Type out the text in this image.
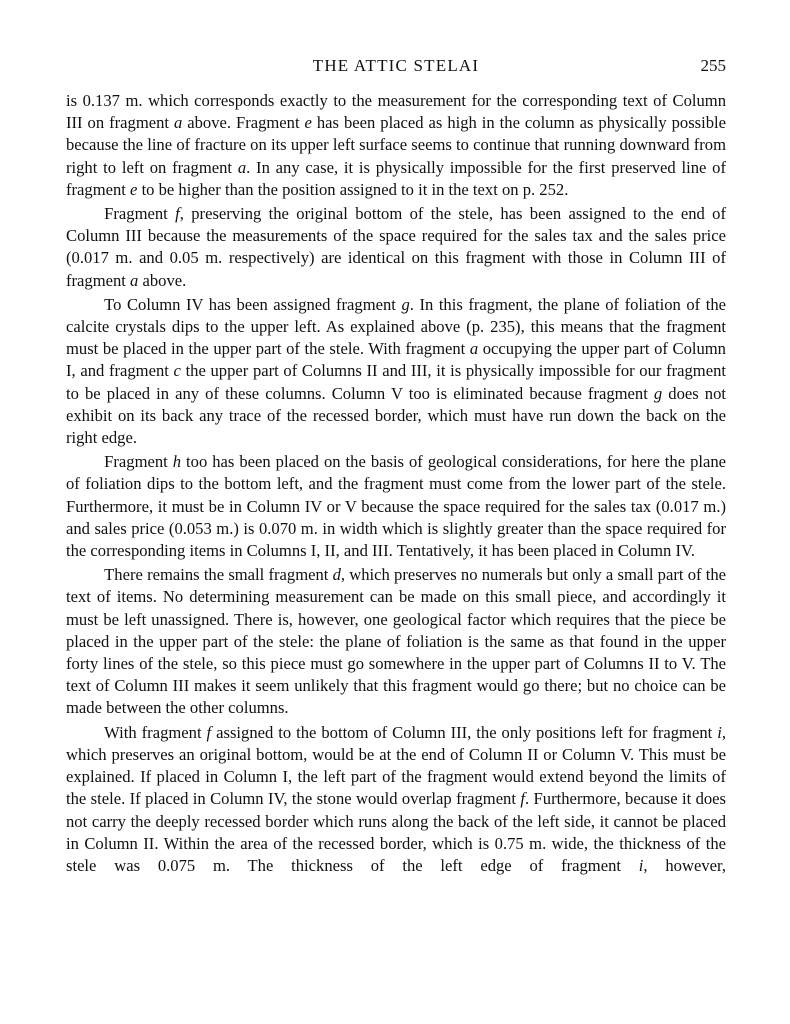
THE ATTIC STELAI	255

is 0.137 m. which corresponds exactly to the measurement for the corresponding text of Column III on fragment a above. Fragment e has been placed as high in the column as physically possible because the line of fracture on its upper left surface seems to continue that running downward from right to left on fragment a. In any case, it is physically impossible for the first preserved line of fragment e to be higher than the position assigned to it in the text on p. 252.

Fragment f, preserving the original bottom of the stele, has been assigned to the end of Column III because the measurements of the space required for the sales tax and the sales price (0.017 m. and 0.05 m. respectively) are identical on this fragment with those in Column III of fragment a above.

To Column IV has been assigned fragment g. In this fragment, the plane of foliation of the calcite crystals dips to the upper left. As explained above (p. 235), this means that the fragment must be placed in the upper part of the stele. With fragment a occupying the upper part of Column I, and fragment c the upper part of Columns II and III, it is physically impossible for our fragment to be placed in any of these columns. Column V too is eliminated because fragment g does not exhibit on its back any trace of the recessed border, which must have run down the back on the right edge.

Fragment h too has been placed on the basis of geological considerations, for here the plane of foliation dips to the bottom left, and the fragment must come from the lower part of the stele. Furthermore, it must be in Column IV or V because the space required for the sales tax (0.017 m.) and sales price (0.053 m.) is 0.070 m. in width which is slightly greater than the space required for the corresponding items in Columns I, II, and III. Tentatively, it has been placed in Column IV.

There remains the small fragment d, which preserves no numerals but only a small part of the text of items. No determining measurement can be made on this small piece, and accordingly it must be left unassigned. There is, however, one geological factor which requires that the piece be placed in the upper part of the stele: the plane of foliation is the same as that found in the upper forty lines of the stele, so this piece must go somewhere in the upper part of Columns II to V. The text of Column III makes it seem unlikely that this fragment would go there; but no choice can be made between the other columns.

With fragment f assigned to the bottom of Column III, the only positions left for fragment i, which preserves an original bottom, would be at the end of Column II or Column V. This must be explained. If placed in Column I, the left part of the fragment would extend beyond the limits of the stele. If placed in Column IV, the stone would overlap fragment f. Furthermore, because it does not carry the deeply recessed border which runs along the back of the left side, it cannot be placed in Column II. Within the area of the recessed border, which is 0.75 m. wide, the thickness of the stele was 0.075 m. The thickness of the left edge of fragment i, however,
